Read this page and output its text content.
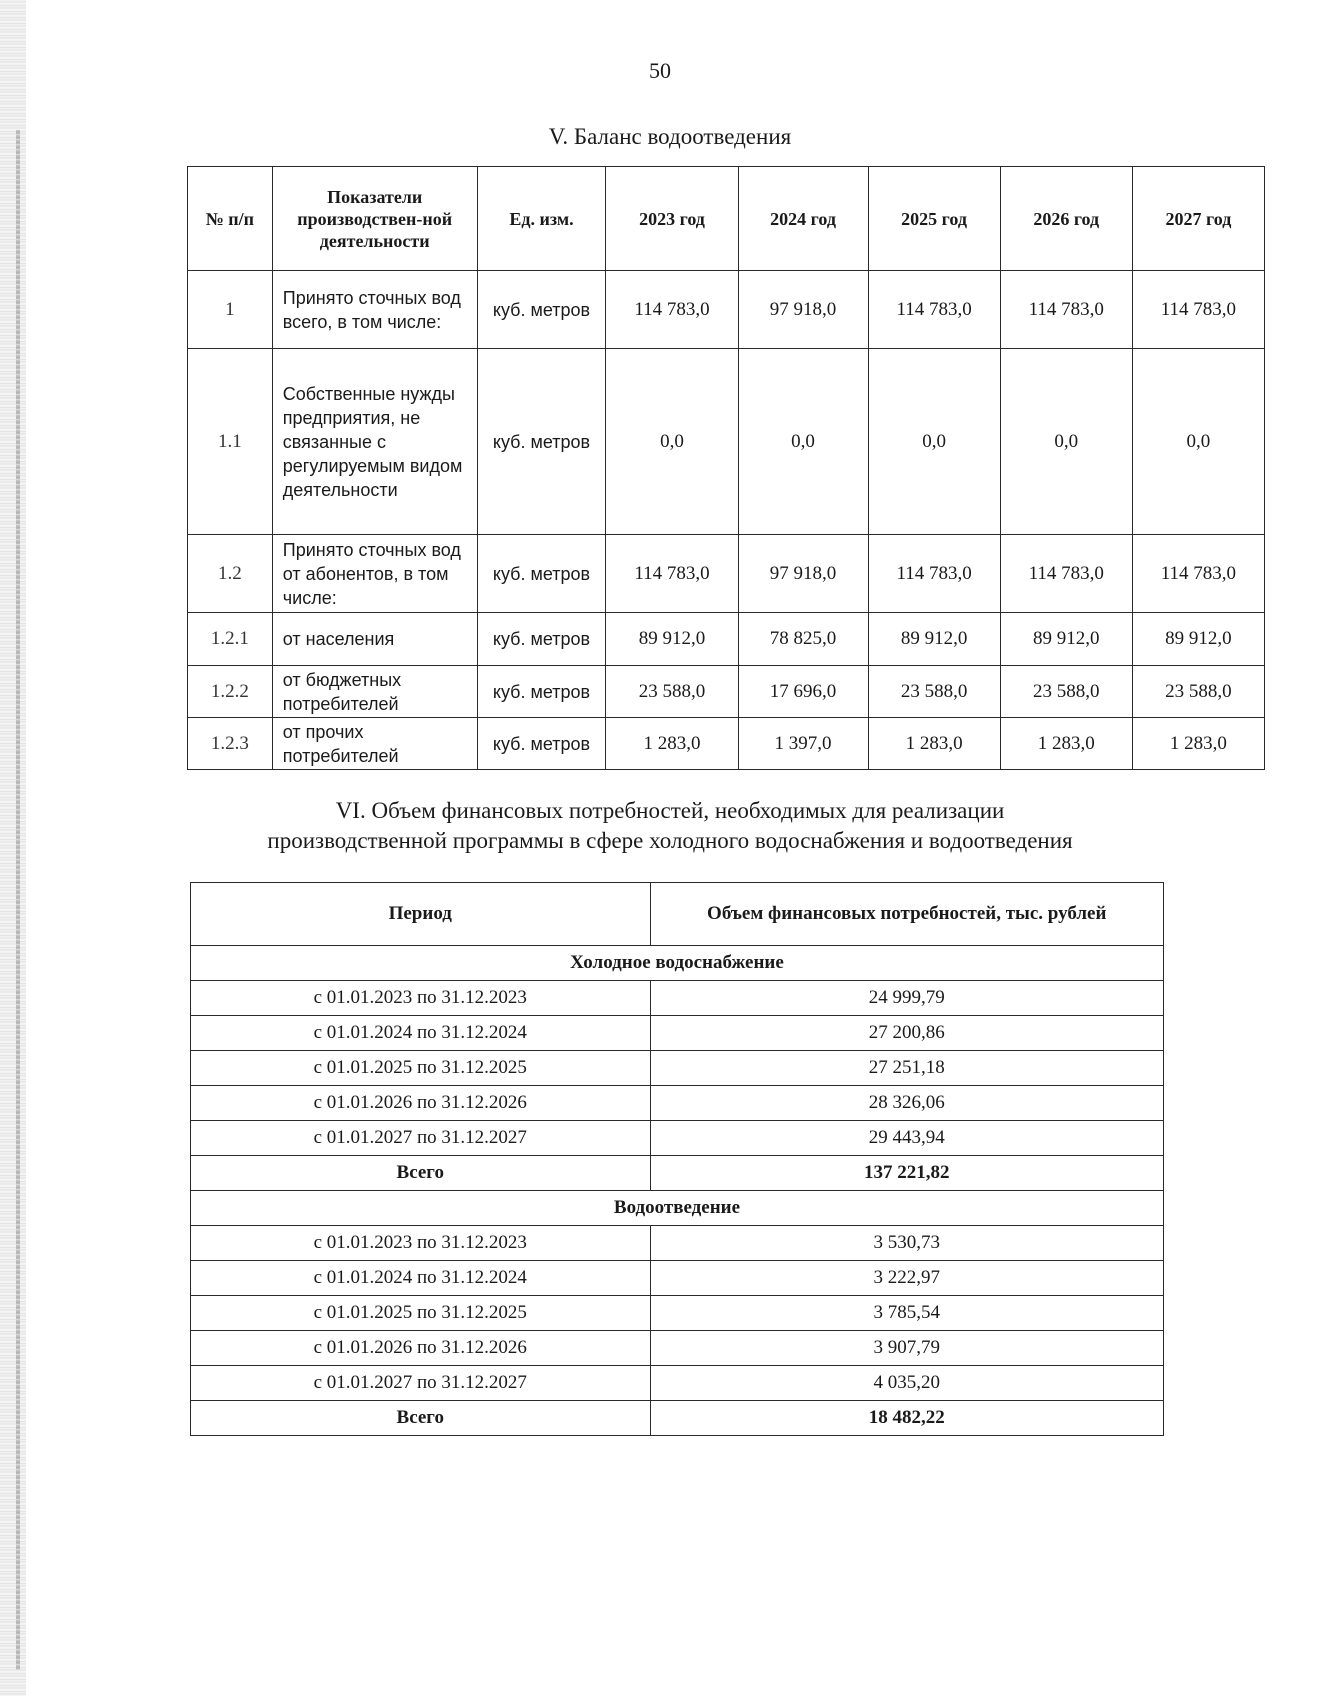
50
V. Баланс водоотведения
№ п/п	Показатели производствен-ной деятельности	Ед. изм.	2023 год	2024 год	2025 год	2026 год	2027 год
1	Принято сточных вод всего, в том числе:	куб. метров	114 783,0	97 918,0	114 783,0	114 783,0	114 783,0
1.1	Собственные нужды предприятия, не связанные с регулируемым видом деятельности	куб. метров	0,0	0,0	0,0	0,0	0,0
1.2	Принято сточных вод от абонентов, в том числе:	куб. метров	114 783,0	97 918,0	114 783,0	114 783,0	114 783,0
1.2.1	от населения	куб. метров	89 912,0	78 825,0	89 912,0	89 912,0	89 912,0
1.2.2	от бюджетных потребителей	куб. метров	23 588,0	17 696,0	23 588,0	23 588,0	23 588,0
1.2.3	от прочих потребителей	куб. метров	1 283,0	1 397,0	1 283,0	1 283,0	1 283,0
VI. Объем финансовых потребностей, необходимых для реализации
производственной программы в сфере холодного водоснабжения и водоотведения
Период	Объем финансовых потребностей, тыс. рублей
Холодное водоснабжение	
с 01.01.2023 по 31.12.2023	24 999,79
с 01.01.2024 по 31.12.2024	27 200,86
с 01.01.2025 по 31.12.2025	27 251,18
с 01.01.2026 по 31.12.2026	28 326,06
с 01.01.2027 по 31.12.2027	29 443,94
Всего	137 221,82
Водоотведение	
с 01.01.2023 по 31.12.2023	3 530,73
с 01.01.2024 по 31.12.2024	3 222,97
с 01.01.2025 по 31.12.2025	3 785,54
с 01.01.2026 по 31.12.2026	3 907,79
с 01.01.2027 по 31.12.2027	4 035,20
Всего	18 482,22
